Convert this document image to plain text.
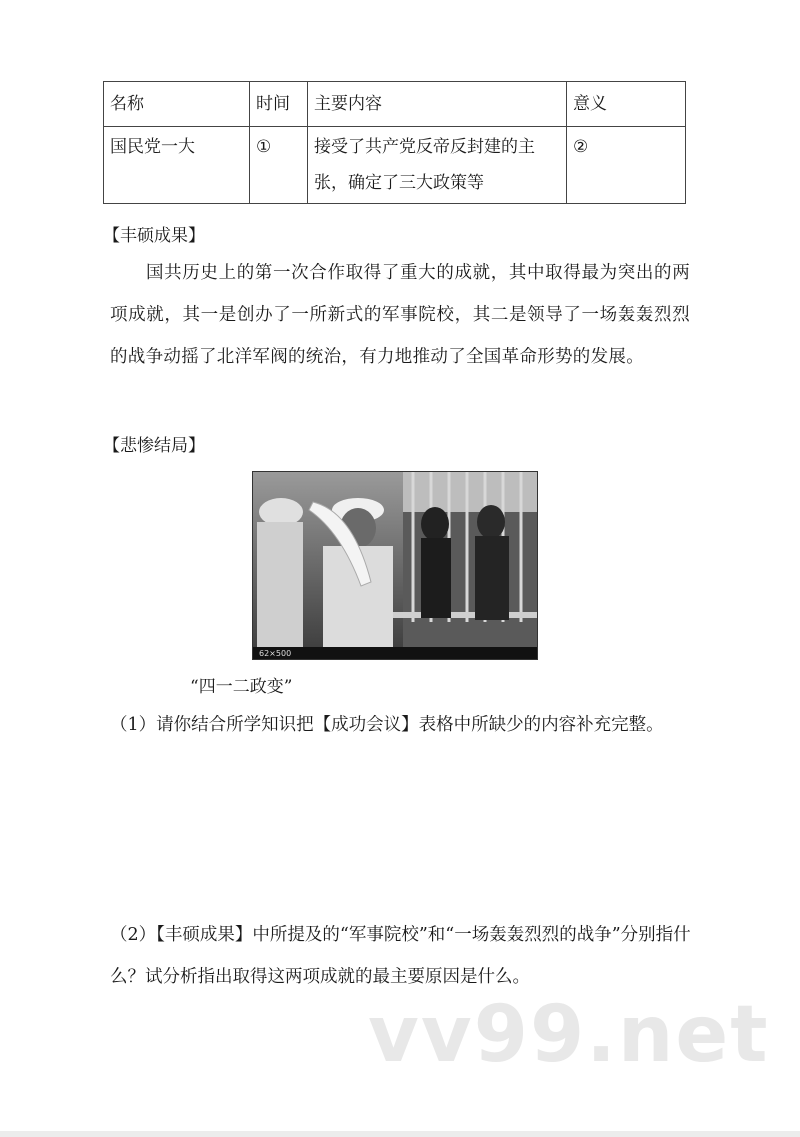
名称	时间	主要内容	意义
国民党一大	①	接受了共产党反帝反封建的主张，确定了三大政策等	②
【丰硕成果】
国共历史上的第一次合作取得了重大的成就，其中取得最为突出的两项成就，其一是创办了一所新式的军事院校，其二是领导了一场轰轰烈烈的战争动摇了北洋军阀的统治，有力地推动了全国革命形势的发展。
【悲惨结局】
62×500
“四一二政变”
（1）请你结合所学知识把【成功会议】表格中所缺少的内容补充完整。
（2）【丰硕成果】中所提及的“军事院校”和“一场轰轰烈烈的战争”分别指什么？试分析指出取得这两项成就的最主要原因是什么。
vv99.net
